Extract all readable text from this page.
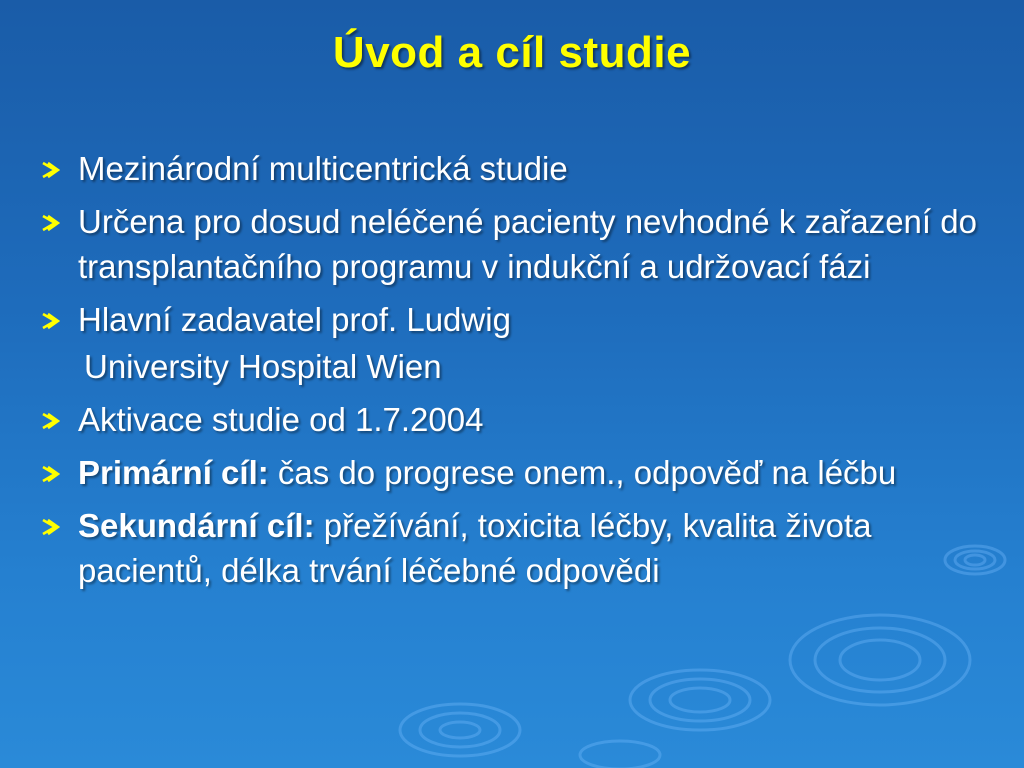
Úvod a cíl studie
Mezinárodní multicentrická studie
Určena pro dosud neléčené pacienty nevhodné k zařazení do transplantačního programu v indukční a udržovací fázi
Hlavní zadavatel prof. Ludwig
University Hospital Wien
Aktivace studie od 1.7.2004
Primární cíl: čas do progrese onem., odpověď na léčbu
Sekundární cíl: přežívání, toxicita léčby, kvalita života pacientů, délka trvání léčebné odpovědi
